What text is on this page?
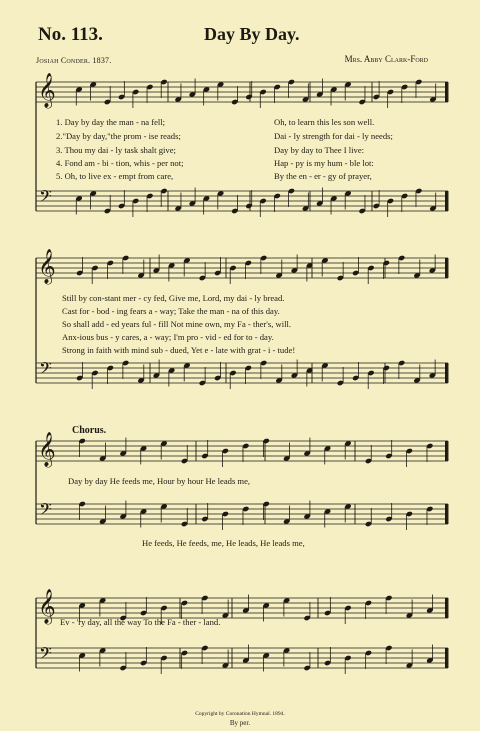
No. 113.	Day By Day.
Josiah Conder. 1837.	Mrs. Abby Clark-Ford
𝄞
𝄢
𝄞
𝄢
𝄞
𝄢
𝄞
𝄢
1. Day by day the man - na fell;	Oh, to learn this les son well.
2."Day by day,"the prom - ise reads;	Dai - ly strength for dai - ly needs;
3. Thou my dai - ly task shalt give;	Day by day to Thee I live:
4. Fond am - bi - tion, whis - per not;	Hap - py is my hum - ble lot:
5. Oh, to live ex - empt from care,	By the en - er - gy of prayer,
Still by con-stant mer - cy fed, Give me, Lord, my dai - ly bread.
Cast for - bod - ing fears a - way; Take the man - na of this day.
So shall add - ed years ful - fill Not mine own, my Fa - ther's, will.
Anx-ious bus - y cares, a - way; I'm pro - vid - ed for to - day.
Strong in faith with mind sub - dued, Yet e - late with grat - i - tude!
Chorus.
Day by day He feeds me, Hour by hour He leads me,
He feeds, He feeds, me, He leads, He leads me,
Ev - 'ry day, all the way To the Fa - ther - land.
Copyright by Coronation Hymnal. 1894.
By per.
